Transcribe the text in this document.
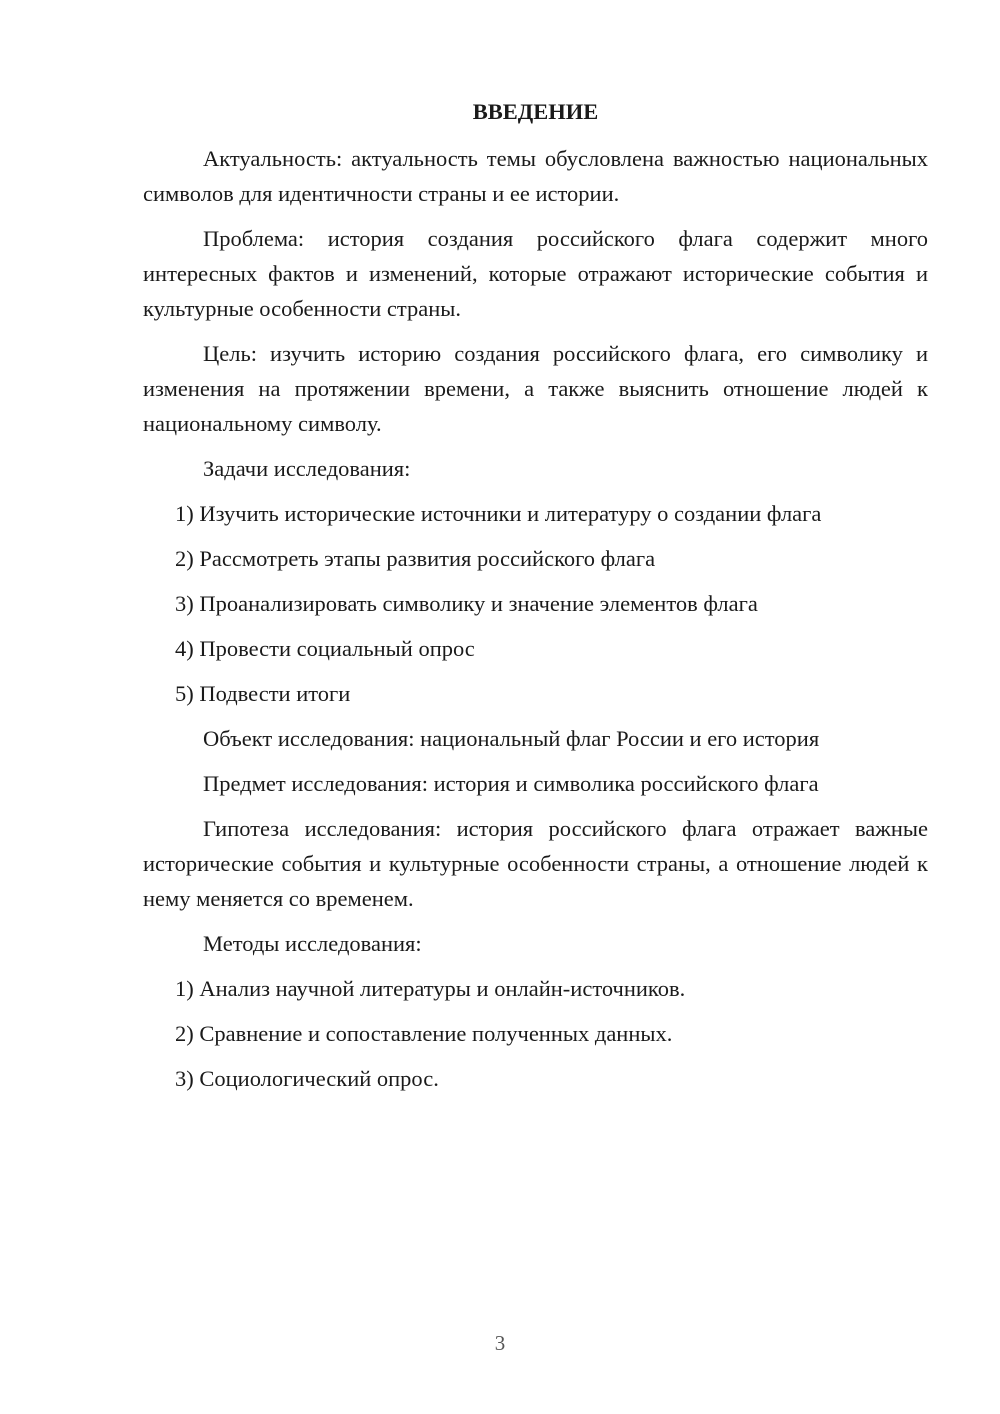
ВВЕДЕНИЕ

Актуальность: актуальность темы обусловлена важностью национальных символов для идентичности страны и ее истории.

Проблема: история создания российского флага содержит много интересных фактов и изменений, которые отражают исторические события и культурные особенности страны.

Цель: изучить историю создания российского флага, его символику и изменения на протяжении времени, а также выяснить отношение людей к национальному символу.

Задачи исследования:

1) Изучить исторические источники и литературу о создании флага

2) Рассмотреть этапы развития российского флага

3) Проанализировать символику и значение элементов флага

4) Провести социальный опрос

5) Подвести итоги

Объект исследования: национальный флаг России и его история

Предмет исследования: история и символика российского флага

Гипотеза исследования: история российского флага отражает важные исторические события и культурные особенности страны, а отношение людей к нему меняется со временем.

Методы исследования:

1) Анализ научной литературы и онлайн-источников.

2) Сравнение и сопоставление полученных данных.

3) Социологический опрос.

3
